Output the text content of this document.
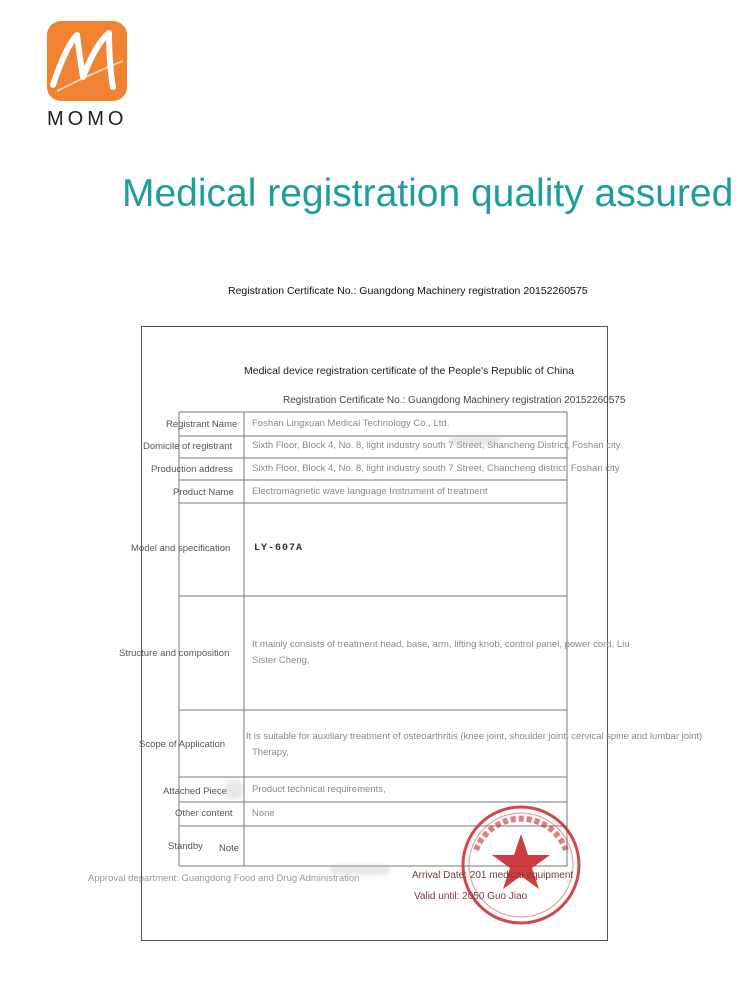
MOMO
Medical registration quality assured
Registration Certificate No.: Guangdong Machinery registration 20152260575
Medical device registration certificate of the People's Republic of China
Registration Certificate No.: Guangdong Machinery registration 20152260575
Registrant Name Foshan Lingxuan Medical Technology Co., Ltd.
Domicile of registrant Sixth Floor, Block 4, No. 8, light industry south 7 Street, Shancheng District, Foshan city
Production address Sixth Floor, Block 4, No. 8, light industry south 7 Street, Chancheng district, Foshan city
Product Name Electromagnetic wave language Instrument of treatment
Model and specification LY-607A
Structure and composition
It mainly consists of treatment head, base, arm, lifting knob, control panel, power cord, Liu
Sister Cheng,
Scope of Application
It is suitable for auxiliary treatment of osteoarthritis (knee joint, shoulder joint, cervical spine and lumbar joint)
Therapy,
Attached Piece	Product technical requirements,
Other content None
Standby Note
Approval department: Guangdong Food and Drug Administration	Arrival Date: 201 medical equipment
Valid until: 2050 Guo Jiao
